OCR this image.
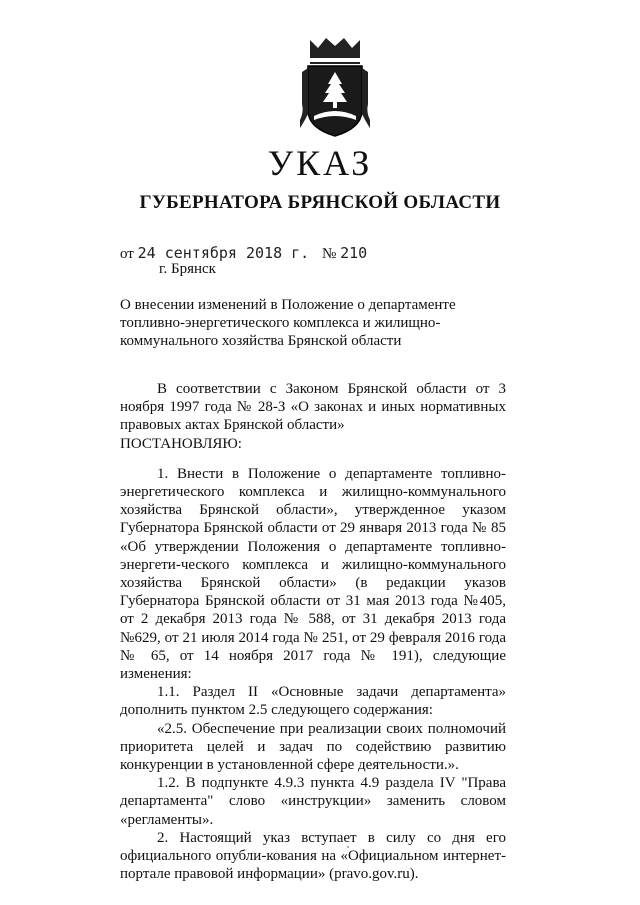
УКАЗ
ГУБЕРНАТОРА БРЯНСКОЙ ОБЛАСТИ
от 24 сентября 2018 г. № 210
г. Брянск

О внесении изменений в Положение о департаменте топливно-энергетического комплекса и жилищно-коммунального хозяйства Брянской области

В соответствии с Законом Брянской области от 3 ноября 1997 года № 28-З «О законах и иных нормативных правовых актах Брянской области»

ПОСТАНОВЛЯЮ:

1. Внести в Положение о департаменте топливно-энергетического комплекса и жилищно-коммунального хозяйства Брянской области», утвержденное указом Губернатора Брянской области от 29 января 2013 года № 85 «Об утверждении Положения о департаменте топливно-энергети-ческого комплекса и жилищно-коммунального хозяйства Брянской области» (в редакции указов Губернатора Брянской области от 31 мая 2013 года №405, от 2 декабря 2013 года № 588, от 31 декабря 2013 года №629, от 21 июля 2014 года № 251, от 29 февраля 2016 года № 65, от 14 ноября 2017 года № 191), следующие изменения:

1.1. Раздел II «Основные задачи департамента» дополнить пунктом 2.5 следующего содержания:

«2.5. Обеспечение при реализации своих полномочий приоритета целей и задач по содействию развитию конкуренции в установленной сфере деятельности.».

1.2. В подпункте 4.9.3 пункта 4.9 раздела IV "Права департамента" слово «инструкции» заменить словом «регламенты».

2. Настоящий указ вступает в силу со дня его официального опубли-кования на «Официальном интернет-портале правовой информации» (pravo.gov.ru).
